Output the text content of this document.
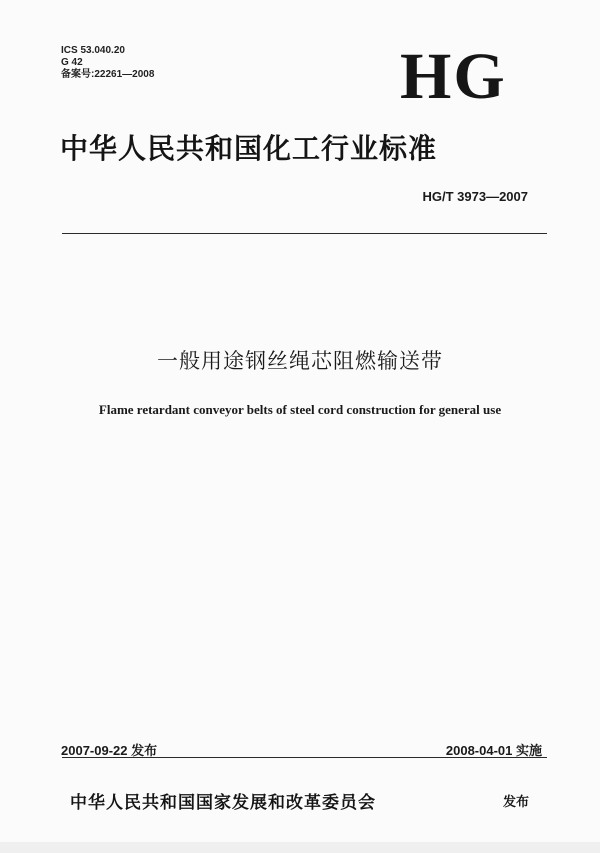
ICS 53.040.20
G 42
备案号:22261—2008	HG
中华人民共和国化工行业标准
HG/T 3973—2007
一般用途钢丝绳芯阻燃输送带
Flame retardant conveyor belts of steel cord construction for general use
2007-09-22 发布	2008-04-01 实施
中华人民共和国国家发展和改革委员会	发布
